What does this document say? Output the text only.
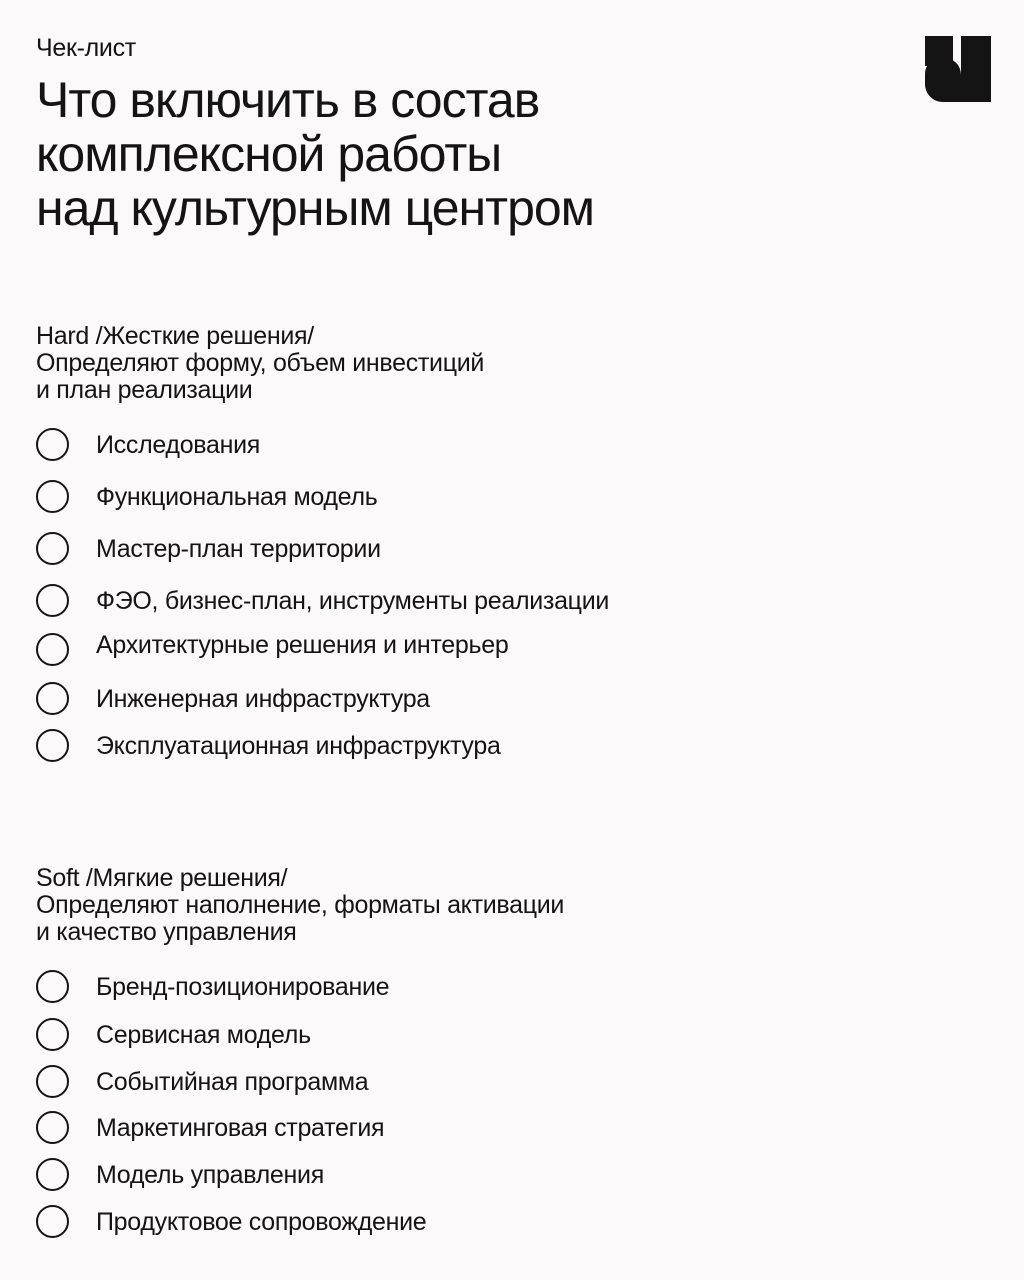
Чек-лист
Что включить в состав
комплексной работы
над культурным центром
Hard /Жесткие решения/
Определяют форму, объем инвестиций
и план реализации
Исследования
Функциональная модель
Мастер-план территории
ФЭО, бизнес-план, инструменты реализации
Архитектурные решения и интерьер
Инженерная инфраструктура
Эксплуатационная инфраструктура
Soft /Мягкие решения/
Определяют наполнение, форматы активации
и качество управления
Бренд-позиционирование
Сервисная модель
Событийная программа
Маркетинговая стратегия
Модель управления
Продуктовое сопровождение
